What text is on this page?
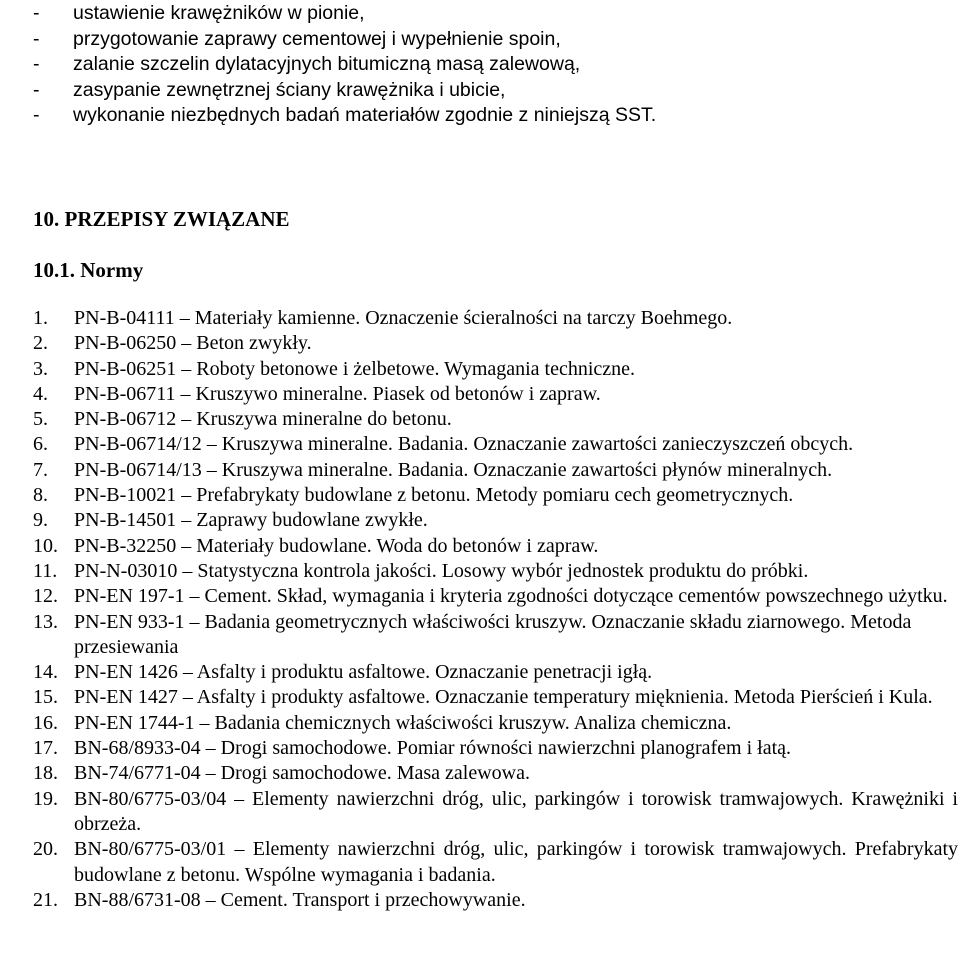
-	ustawienie krawężników w pionie,
-	przygotowanie zaprawy cementowej i wypełnienie spoin,
-	zalanie szczelin dylatacyjnych bitumiczną masą zalewową,
-	zasypanie zewnętrznej ściany krawężnika i ubicie,
-	wykonanie niezbędnych badań materiałów zgodnie z niniejszą SST.
10. PRZEPISY ZWIĄZANE
10.1. Normy
1.	PN-B-04111 – Materiały kamienne. Oznaczenie ścieralności na tarczy Boehmego.
2.	PN-B-06250 – Beton zwykły.
3.	PN-B-06251 – Roboty betonowe i żelbetowe. Wymagania techniczne.
4.	PN-B-06711 – Kruszywo mineralne. Piasek od betonów i zapraw.
5.	PN-B-06712 – Kruszywa mineralne do betonu.
6.	PN-B-06714/12 – Kruszywa mineralne. Badania. Oznaczanie zawartości zanieczyszczeń obcych.
7.	PN-B-06714/13 – Kruszywa mineralne. Badania. Oznaczanie zawartości płynów mineralnych.
8.	PN-B-10021 – Prefabrykaty budowlane z betonu. Metody pomiaru cech geometrycznych.
9.	PN-B-14501 – Zaprawy budowlane zwykłe.
10. PN-B-32250 – Materiały budowlane. Woda do betonów i zapraw.
11. PN-N-03010 – Statystyczna kontrola jakości. Losowy wybór jednostek produktu do próbki.
12. PN-EN 197-1 – Cement. Skład, wymagania i kryteria zgodności dotyczące cementów powszechnego użytku.
13. PN-EN 933-1 – Badania geometrycznych właściwości kruszyw. Oznaczanie składu ziarnowego. Metoda przesiewania
14. PN-EN 1426 – Asfalty i produktu asfaltowe. Oznaczanie penetracji igłą.
15. PN-EN 1427 – Asfalty i produkty asfaltowe. Oznaczanie temperatury mięknienia. Metoda Pierścień i Kula.
16. PN-EN 1744-1 – Badania chemicznych właściwości kruszyw. Analiza chemiczna.
17. BN-68/8933-04 – Drogi samochodowe. Pomiar równości nawierzchni planografem i łatą.
18. BN-74/6771-04 – Drogi samochodowe. Masa zalewowa.
19. BN-80/6775-03/04 – Elementy nawierzchni dróg, ulic, parkingów i torowisk tramwajowych. Krawężniki i obrzeża.
20. BN-80/6775-03/01 – Elementy nawierzchni dróg, ulic, parkingów i torowisk tramwajowych. Prefabrykaty budowlane z betonu. Wspólne wymagania i badania.
21. BN-88/6731-08 – Cement. Transport i przechowywanie.
